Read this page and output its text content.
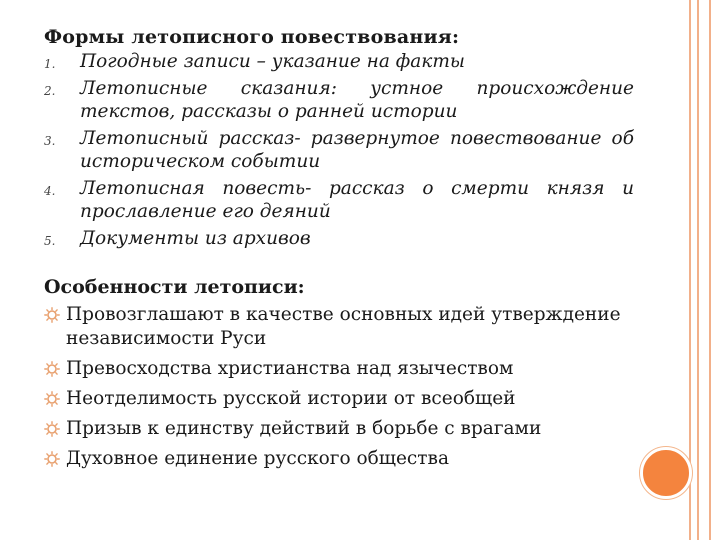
Формы летописного повествования:

1. Погодные записи – указание на факты
2. Летописные сказания: устное происхождение текстов, рассказы о ранней истории
3. Летописный рассказ- развернутое повествование об историческом событии
4. Летописная повесть- рассказ о смерти князя и прославление его деяний
5. Документы из архивов

Особенности летописи:

Провозглашают в качестве основных идей утверждение независимости Руси
Превосходства христианства над язычеством
Неотделимость русской истории от всеобщей
Призыв к единству действий в борьбе с врагами
Духовное единение русского общества
